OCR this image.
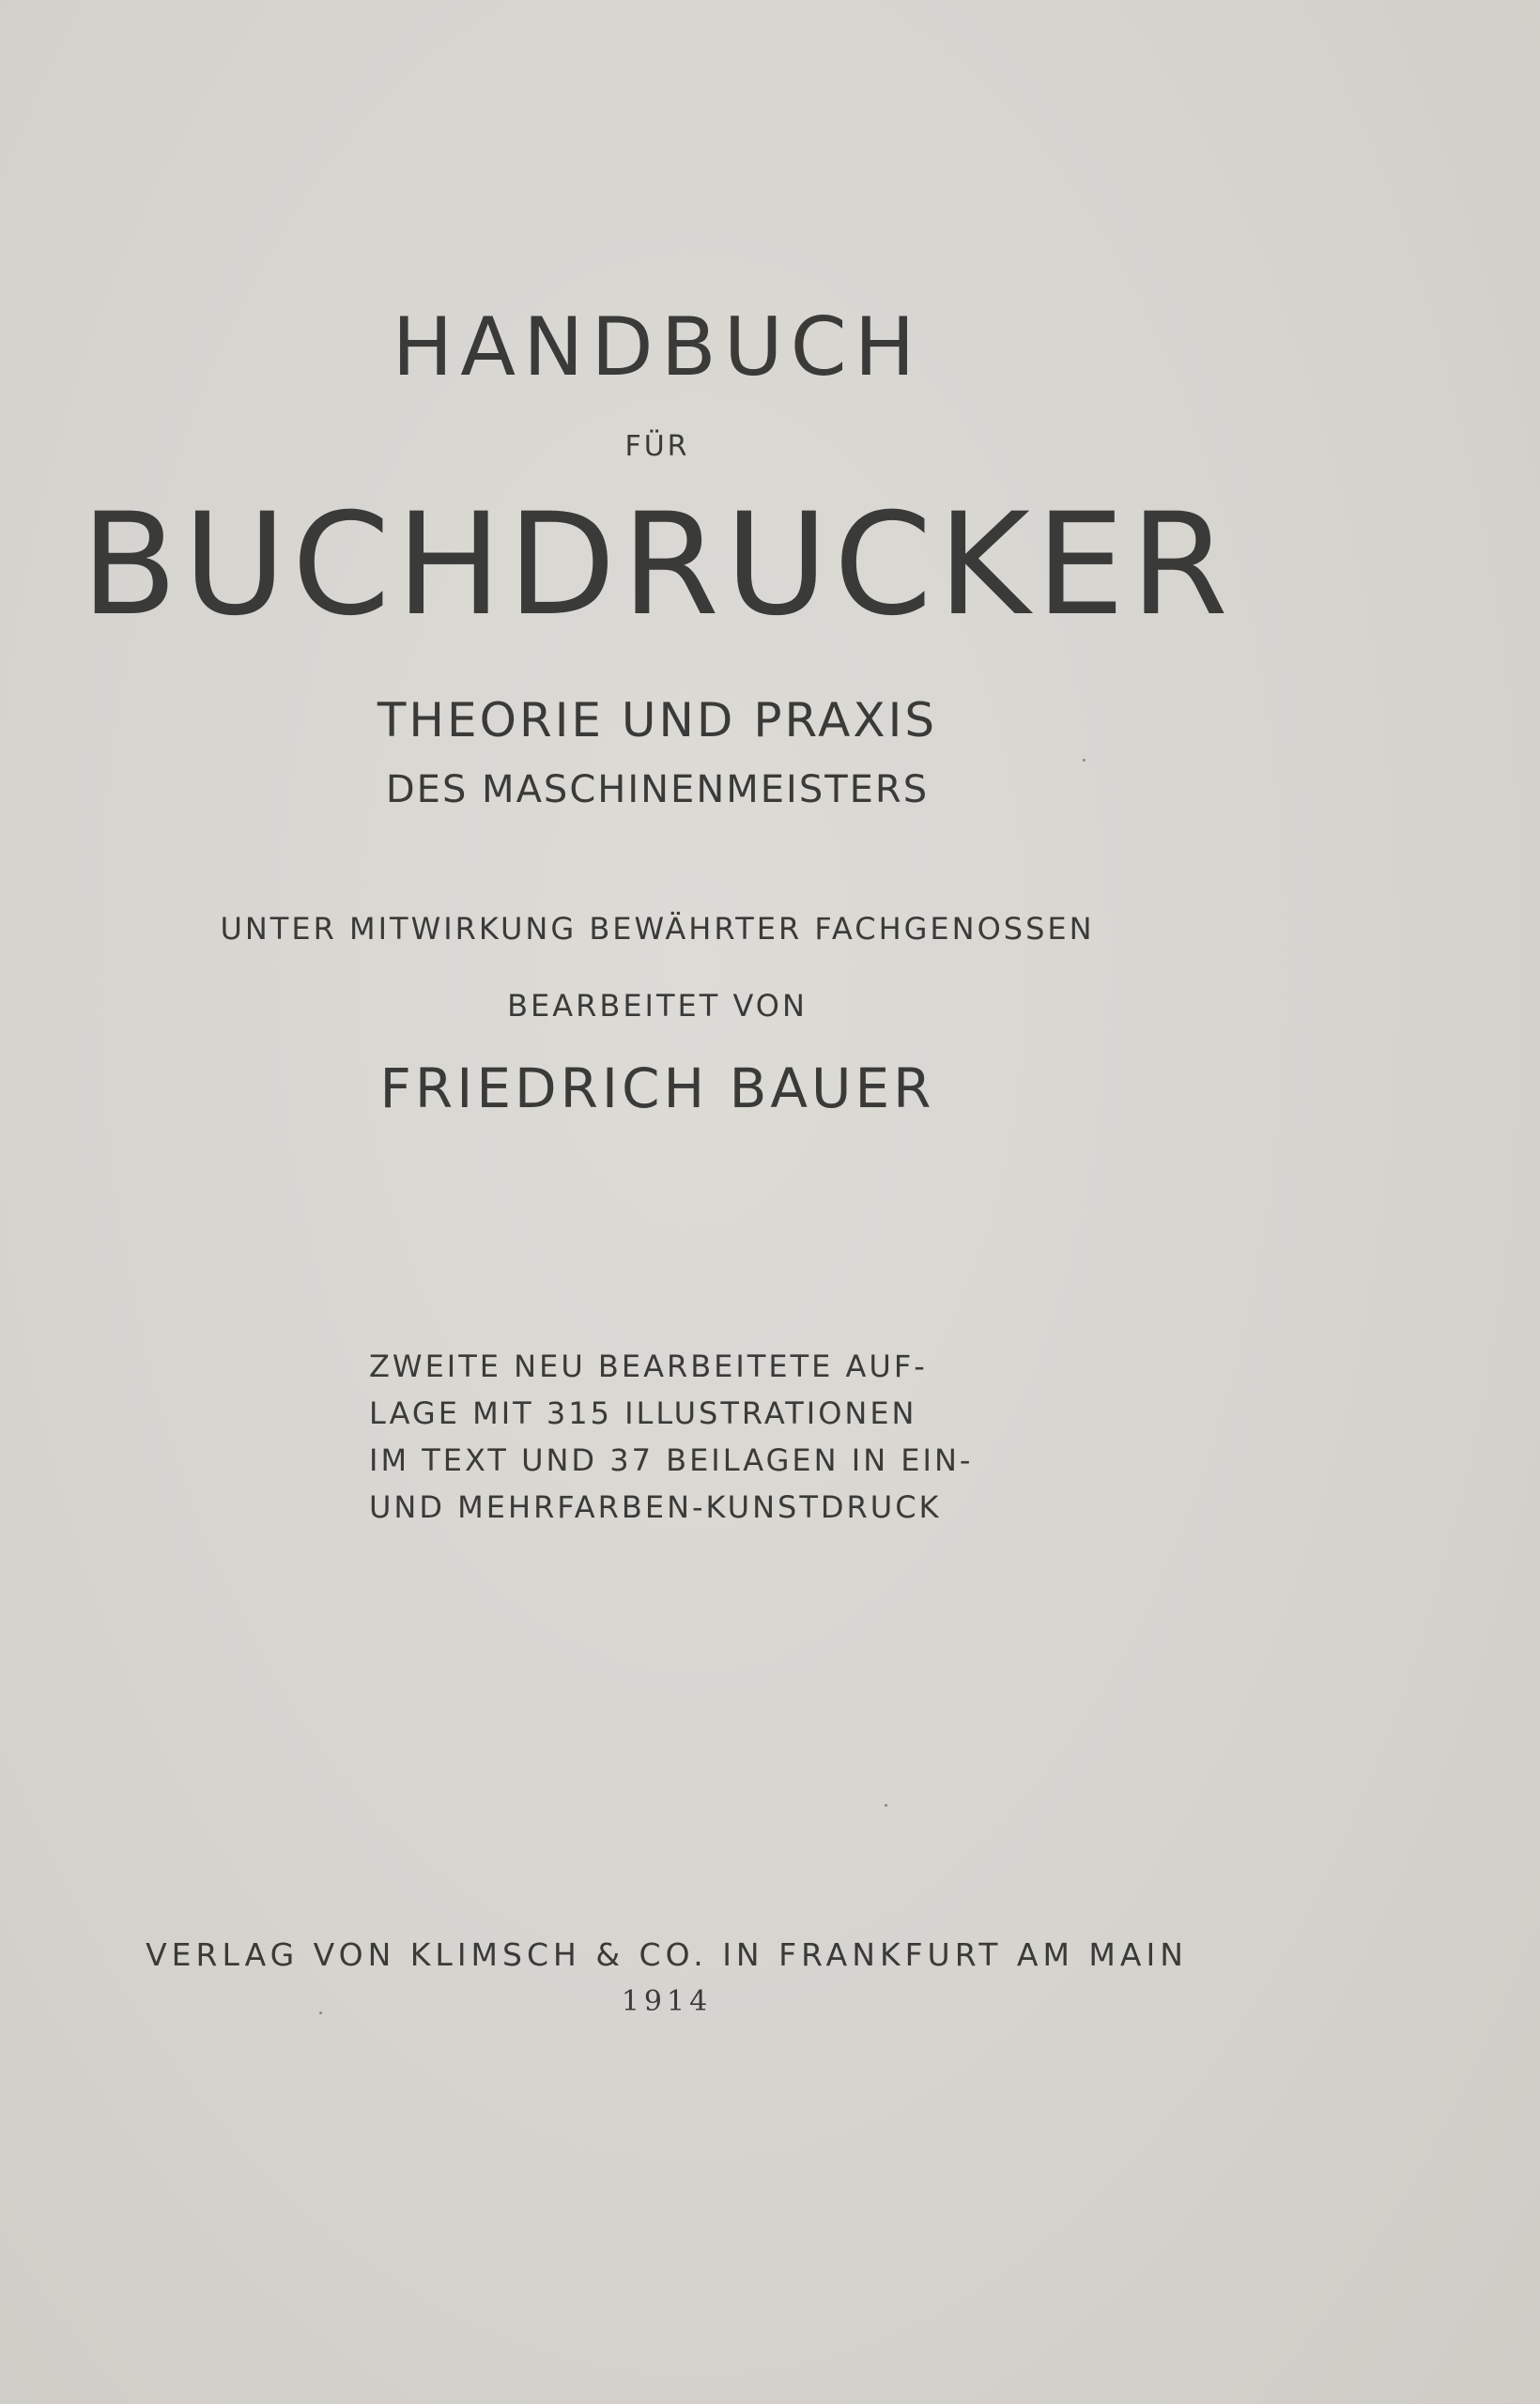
HANDBUCH
FÜR
BUCHDRUCKER
THEORIE UND PRAXIS
DES MASCHINENMEISTERS
UNTER MITWIRKUNG BEWÄHRTER FACHGENOSSEN
BEARBEITET VON
FRIEDRICH BAUER
ZWEITE NEU BEARBEITETE AUF-
LAGE MIT 315 ILLUSTRATIONEN
IM TEXT UND 37 BEILAGEN IN EIN-
UND MEHRFARBEN-KUNSTDRUCK
VERLAG VON KLIMSCH & CO. IN FRANKFURT AM MAIN
1914
